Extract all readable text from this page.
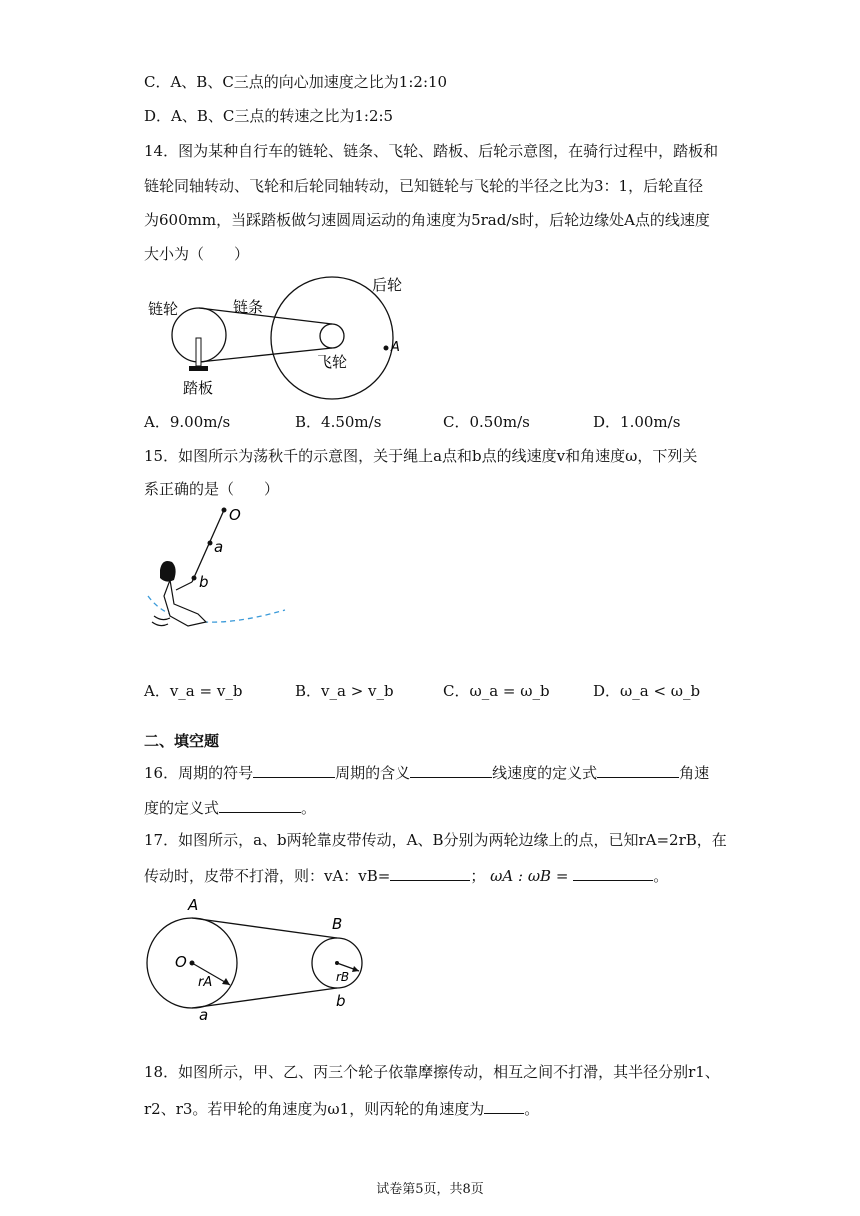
C．A、B、C三点的向心加速度之比为1:2:10
D．A、B、C三点的转速之比为1:2:5
14．图为某种自行车的链轮、链条、飞轮、踏板、后轮示意图，在骑行过程中，踏板和
链轮同轴转动、飞轮和后轮同轴转动，已知链轮与飞轮的半径之比为3：1，后轮直径
为600mm，当踩踏板做匀速圆周运动的角速度为5rad/s时，后轮边缘处A点的线速度
大小为（　　）
链轮	链条
后轮
飞轮
踏板
A
A．9.00m/s	B．4.50m/s	C．0.50m/s	D．1.00m/s
15．如图所示为荡秋千的示意图，关于绳上a点和b点的线速度v和角速度ω，下列关
系正确的是（　　）
O
a
b
A．v_a = v_b	B．v_a > v_b	C．ω_a = ω_b	D．ω_a < ω_b
二、填空题
16．周期的符号	周期的含义	线速度的定义式	角速
度的定义式	。
17．如图所示，a、b两轮靠皮带传动，A、B分别为两轮边缘上的点，已知rA=2rB，在
传动时，皮带不打滑，则：vA：vB=	； ωA : ωB =	。
A
B
O
rA	rB
a
b
18．如图所示，甲、乙、丙三个轮子依靠摩擦传动，相互之间不打滑，其半径分别r1、
r2、r3。若甲轮的角速度为ω1，则丙轮的角速度为	。
试卷第5页，共8页
